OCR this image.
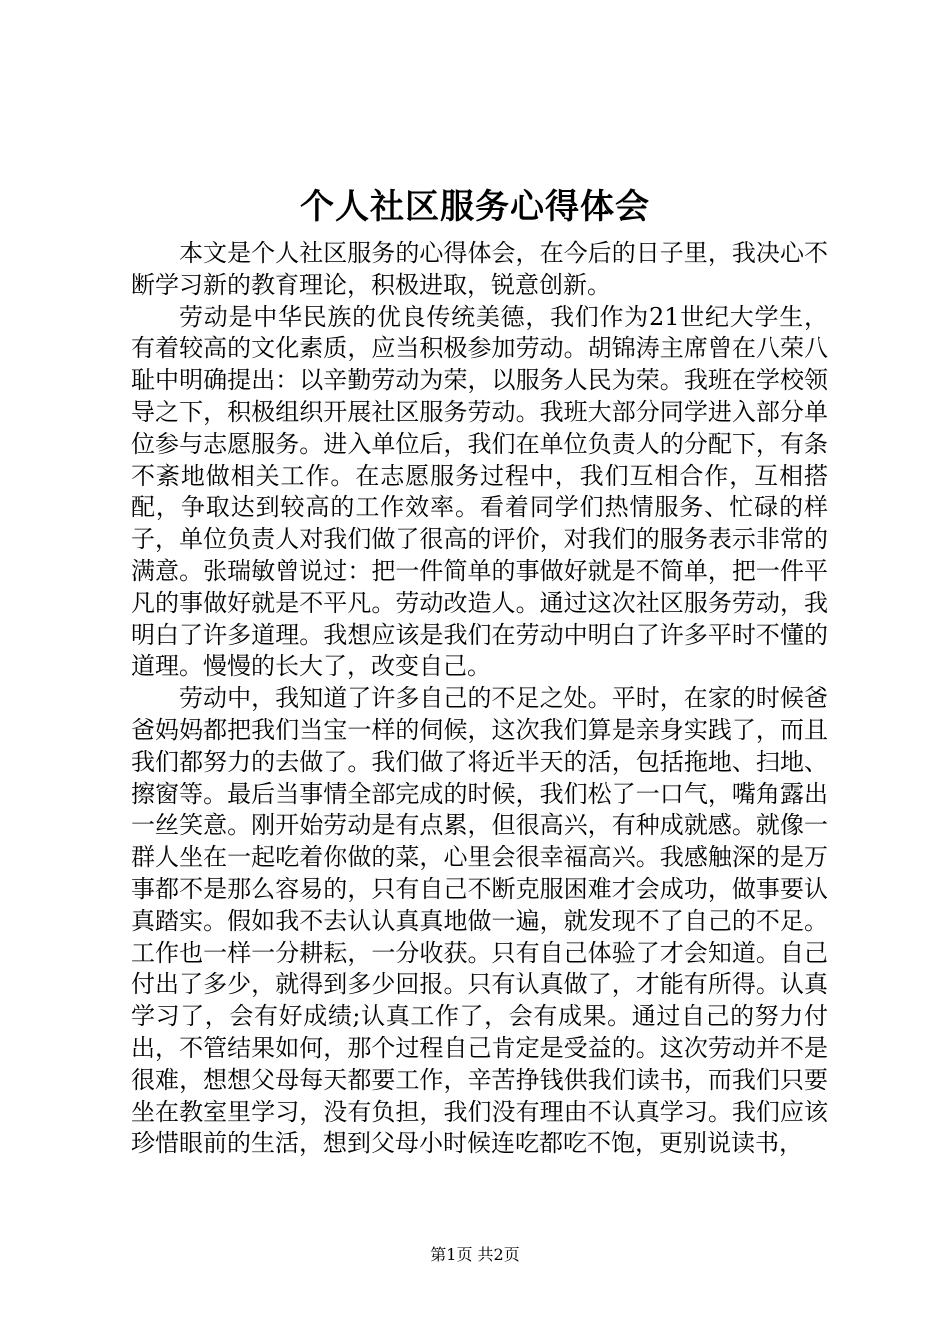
个人社区服务心得体会

本文是个人社区服务的心得体会，在今后的日子里，我决心不断学习新的教育理论，积极进取，锐意创新。

劳动是中华民族的优良传统美德，我们作为21世纪大学生，有着较高的文化素质，应当积极参加劳动。胡锦涛主席曾在八荣八耻中明确提出：以辛勤劳动为荣，以服务人民为荣。我班在学校领导之下，积极组织开展社区服务劳动。我班大部分同学进入部分单位参与志愿服务。进入单位后，我们在单位负责人的分配下，有条不紊地做相关工作。在志愿服务过程中，我们互相合作，互相搭配，争取达到较高的工作效率。看着同学们热情服务、忙碌的样子，单位负责人对我们做了很高的评价，对我们的服务表示非常的满意。张瑞敏曾说过：把一件简单的事做好就是不简单，把一件平凡的事做好就是不平凡。劳动改造人。通过这次社区服务劳动，我明白了许多道理。我想应该是我们在劳动中明白了许多平时不懂的道理。慢慢的长大了，改变自己。

劳动中，我知道了许多自己的不足之处。平时，在家的时候爸爸妈妈都把我们当宝一样的伺候，这次我们算是亲身实践了，而且我们都努力的去做了。我们做了将近半天的活，包括拖地、扫地、擦窗等。最后当事情全部完成的时候，我们松了一口气，嘴角露出一丝笑意。刚开始劳动是有点累，但很高兴，有种成就感。就像一群人坐在一起吃着你做的菜，心里会很幸福高兴。我感触深的是万事都不是那么容易的，只有自己不断克服困难才会成功，做事要认真踏实。假如我不去认认真真地做一遍，就发现不了自己的不足。工作也一样一分耕耘，一分收获。只有自己体验了才会知道。自己付出了多少，就得到多少回报。只有认真做了，才能有所得。认真学习了，会有好成绩;认真工作了，会有成果。通过自己的努力付出，不管结果如何，那个过程自己肯定是受益的。这次劳动并不是很难，想想父母每天都要工作，辛苦挣钱供我们读书，而我们只要坐在教室里学习，没有负担，我们没有理由不认真学习。我们应该珍惜眼前的生活，想到父母小时候连吃都吃不饱，更别说读书，

第1页 共2页
